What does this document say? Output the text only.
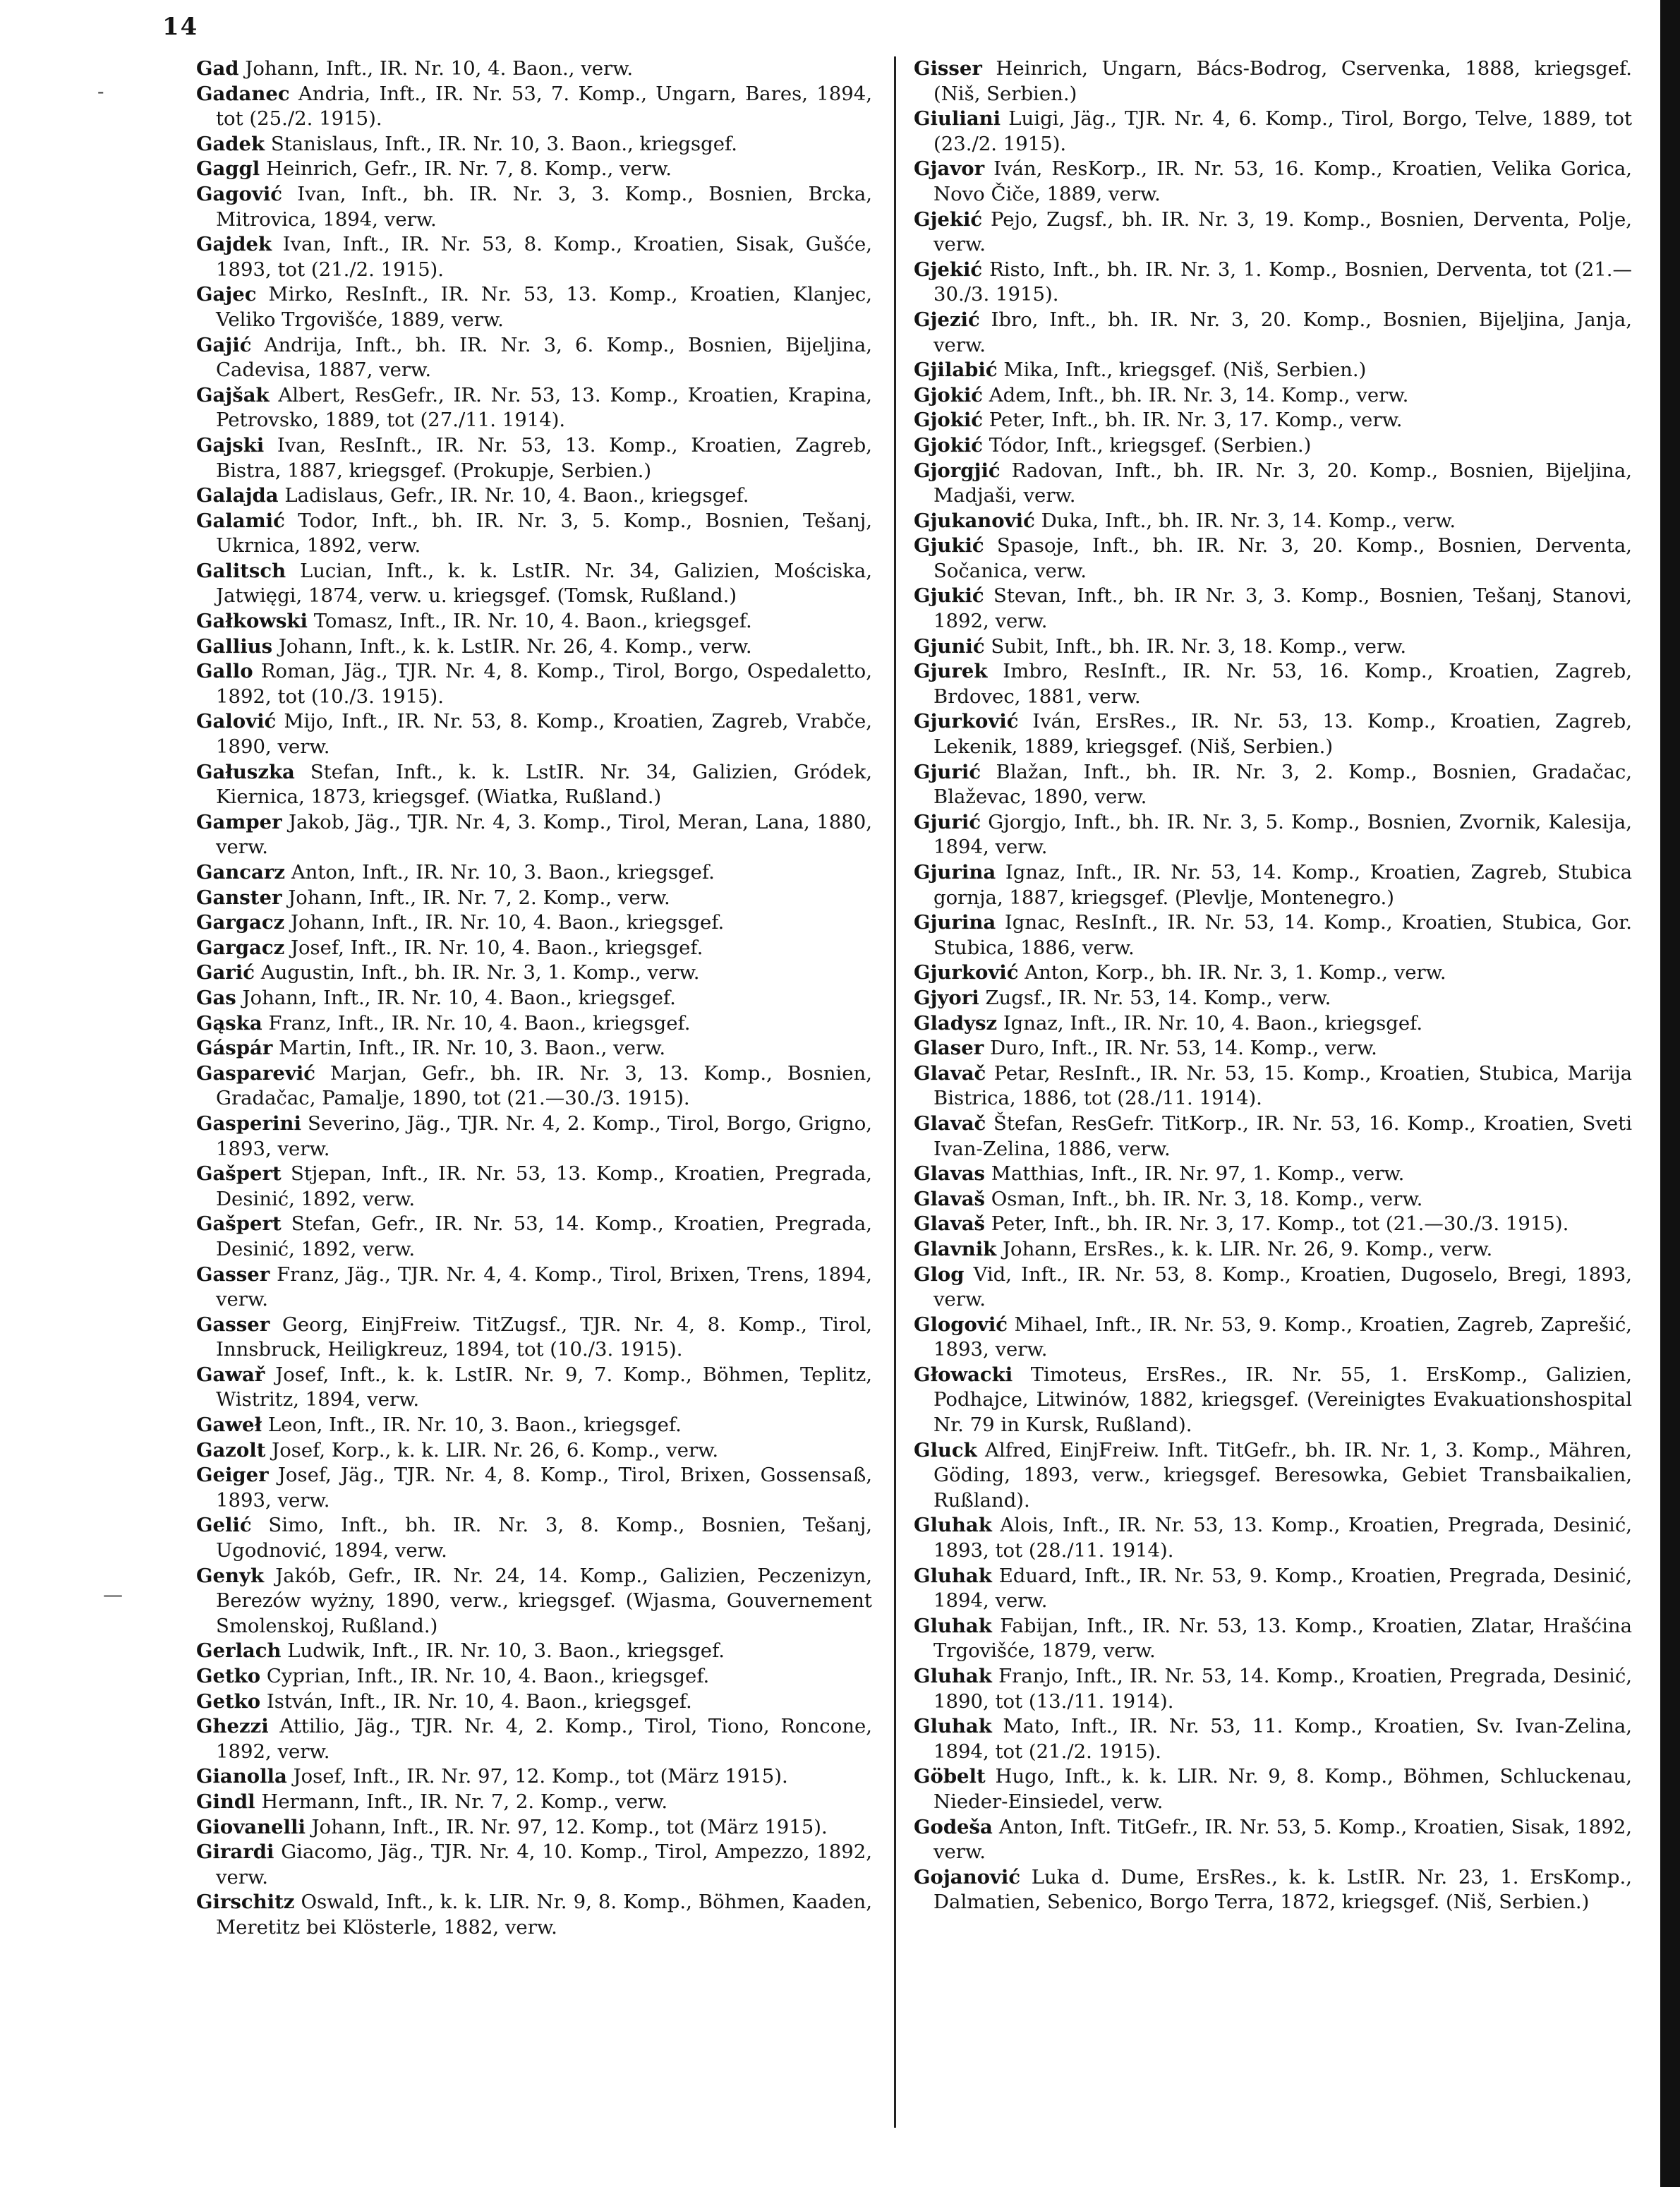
14
-
—

Gad Johann, Inft., IR. Nr. 10, 4. Baon., verw.

Gadanec Andria, Inft., IR. Nr. 53, 7. Komp., Ungarn, Bares, 1894, tot (25./2. 1915).

Gadek Stanislaus, Inft., IR. Nr. 10, 3. Baon., kriegsgef.

Gaggl Heinrich, Gefr., IR. Nr. 7, 8. Komp., verw.

Gagović Ivan, Inft., bh. IR. Nr. 3, 3. Komp., Bosnien, Brcka, Mitrovica, 1894, verw.

Gajdek Ivan, Inft., IR. Nr. 53, 8. Komp., Kroatien, Sisak, Gušće, 1893, tot (21./2. 1915).

Gajec Mirko, ResInft., IR. Nr. 53, 13. Komp., Kroatien, Klanjec, Veliko Trgovišće, 1889, verw.

Gajić Andrija, Inft., bh. IR. Nr. 3, 6. Komp., Bosnien, Bijeljina, Cadevisa, 1887, verw.

Gajšak Albert, ResGefr., IR. Nr. 53, 13. Komp., Kroatien, Krapina, Petrovsko, 1889, tot (27./11. 1914).

Gajski Ivan, ResInft., IR. Nr. 53, 13. Komp., Kroatien, Zagreb, Bistra, 1887, kriegsgef. (Prokupje, Serbien.)

Galajda Ladislaus, Gefr., IR. Nr. 10, 4. Baon., kriegsgef.

Galamić Todor, Inft., bh. IR. Nr. 3, 5. Komp., Bosnien, Tešanj, Ukrnica, 1892, verw.

Galitsch Lucian, Inft., k. k. LstIR. Nr. 34, Galizien, Mościska, Jatwięgi, 1874, verw. u. kriegsgef. (Tomsk, Rußland.)

Gałkowski Tomasz, Inft., IR. Nr. 10, 4. Baon., kriegsgef.

Gallius Johann, Inft., k. k. LstIR. Nr. 26, 4. Komp., verw.

Gallo Roman, Jäg., TJR. Nr. 4, 8. Komp., Tirol, Borgo, Ospedaletto, 1892, tot (10./3. 1915).

Galović Mijo, Inft., IR. Nr. 53, 8. Komp., Kroatien, Zagreb, Vrabče, 1890, verw.

Gałuszka Stefan, Inft., k. k. LstIR. Nr. 34, Galizien, Gródek, Kiernica, 1873, kriegsgef. (Wiatka, Rußland.)

Gamper Jakob, Jäg., TJR. Nr. 4, 3. Komp., Tirol, Meran, Lana, 1880, verw.

Gancarz Anton, Inft., IR. Nr. 10, 3. Baon., kriegsgef.

Ganster Johann, Inft., IR. Nr. 7, 2. Komp., verw.

Gargacz Johann, Inft., IR. Nr. 10, 4. Baon., kriegsgef.

Gargacz Josef, Inft., IR. Nr. 10, 4. Baon., kriegsgef.

Garić Augustin, Inft., bh. IR. Nr. 3, 1. Komp., verw.

Gas Johann, Inft., IR. Nr. 10, 4. Baon., kriegsgef.

Gąska Franz, Inft., IR. Nr. 10, 4. Baon., kriegsgef.

Gáspár Martin, Inft., IR. Nr. 10, 3. Baon., verw.

Gasparević Marjan, Gefr., bh. IR. Nr. 3, 13. Komp., Bosnien, Gradačac, Pamalje, 1890, tot (21.—30./3. 1915).

Gasperini Severino, Jäg., TJR. Nr. 4, 2. Komp., Tirol, Borgo, Grigno, 1893, verw.

Gašpert Stjepan, Inft., IR. Nr. 53, 13. Komp., Kroatien, Pregrada, Desinić, 1892, verw.

Gašpert Stefan, Gefr., IR. Nr. 53, 14. Komp., Kroatien, Pregrada, Desinić, 1892, verw.

Gasser Franz, Jäg., TJR. Nr. 4, 4. Komp., Tirol, Brixen, Trens, 1894, verw.

Gasser Georg, EinjFreiw. TitZugsf., TJR. Nr. 4, 8. Komp., Tirol, Innsbruck, Heiligkreuz, 1894, tot (10./3. 1915).

Gawař Josef, Inft., k. k. LstIR. Nr. 9, 7. Komp., Böhmen, Teplitz, Wistritz, 1894, verw.

Gaweł Leon, Inft., IR. Nr. 10, 3. Baon., kriegsgef.

Gazolt Josef, Korp., k. k. LIR. Nr. 26, 6. Komp., verw.

Geiger Josef, Jäg., TJR. Nr. 4, 8. Komp., Tirol, Brixen, Gossensaß, 1893, verw.

Gelić Simo, Inft., bh. IR. Nr. 3, 8. Komp., Bosnien, Tešanj, Ugodnović, 1894, verw.

Genyk Jakób, Gefr., IR. Nr. 24, 14. Komp., Galizien, Peczenizyn, Berezów wyżny, 1890, verw., kriegsgef. (Wjasma, Gouvernement Smolenskoj, Rußland.)

Gerlach Ludwik, Inft., IR. Nr. 10, 3. Baon., kriegsgef.

Getko Cyprian, Inft., IR. Nr. 10, 4. Baon., kriegsgef.

Getko István, Inft., IR. Nr. 10, 4. Baon., kriegsgef.

Ghezzi Attilio, Jäg., TJR. Nr. 4, 2. Komp., Tirol, Tiono, Roncone, 1892, verw.

Gianolla Josef, Inft., IR. Nr. 97, 12. Komp., tot (März 1915).

Gindl Hermann, Inft., IR. Nr. 7, 2. Komp., verw.

Giovanelli Johann, Inft., IR. Nr. 97, 12. Komp., tot (März 1915).

Girardi Giacomo, Jäg., TJR. Nr. 4, 10. Komp., Tirol, Ampezzo, 1892, verw.

Girschitz Oswald, Inft., k. k. LIR. Nr. 9, 8. Komp., Böhmen, Kaaden, Meretitz bei Klösterle, 1882, verw.

Gisser Heinrich, Ungarn, Bács-Bodrog, Cservenka, 1888, kriegsgef. (Niš, Serbien.)

Giuliani Luigi, Jäg., TJR. Nr. 4, 6. Komp., Tirol, Borgo, Telve, 1889, tot (23./2. 1915).

Gjavor Iván, ResKorp., IR. Nr. 53, 16. Komp., Kroatien, Velika Gorica, Novo Čiče, 1889, verw.

Gjekić Pejo, Zugsf., bh. IR. Nr. 3, 19. Komp., Bosnien, Derventa, Polje, verw.

Gjekić Risto, Inft., bh. IR. Nr. 3, 1. Komp., Bosnien, Derventa, tot (21.—30./3. 1915).

Gjezić Ibro, Inft., bh. IR. Nr. 3, 20. Komp., Bosnien, Bijeljina, Janja, verw.

Gjilabić Mika, Inft., kriegsgef. (Niš, Serbien.)

Gjokić Adem, Inft., bh. IR. Nr. 3, 14. Komp., verw.

Gjokić Peter, Inft., bh. IR. Nr. 3, 17. Komp., verw.

Gjokić Tódor, Inft., kriegsgef. (Serbien.)

Gjorgjić Radovan, Inft., bh. IR. Nr. 3, 20. Komp., Bosnien, Bijeljina, Madjaši, verw.

Gjukanović Duka, Inft., bh. IR. Nr. 3, 14. Komp., verw.

Gjukić Spasoje, Inft., bh. IR. Nr. 3, 20. Komp., Bosnien, Derventa, Sočanica, verw.

Gjukić Stevan, Inft., bh. IR Nr. 3, 3. Komp., Bosnien, Tešanj, Stanovi, 1892, verw.

Gjunić Subit, Inft., bh. IR. Nr. 3, 18. Komp., verw.

Gjurek Imbro, ResInft., IR. Nr. 53, 16. Komp., Kroatien, Zagreb, Brdovec, 1881, verw.

Gjurković Iván, ErsRes., IR. Nr. 53, 13. Komp., Kroatien, Zagreb, Lekenik, 1889, kriegsgef. (Niš, Serbien.)

Gjurić Blažan, Inft., bh. IR. Nr. 3, 2. Komp., Bosnien, Gradačac, Blaževac, 1890, verw.

Gjurić Gjorgjo, Inft., bh. IR. Nr. 3, 5. Komp., Bosnien, Zvornik, Kalesija, 1894, verw.

Gjurina Ignaz, Inft., IR. Nr. 53, 14. Komp., Kroatien, Zagreb, Stubica gornja, 1887, kriegsgef. (Plevlje, Montenegro.)

Gjurina Ignac, ResInft., IR. Nr. 53, 14. Komp., Kroatien, Stubica, Gor. Stubica, 1886, verw.

Gjurković Anton, Korp., bh. IR. Nr. 3, 1. Komp., verw.

Gjyori Zugsf., IR. Nr. 53, 14. Komp., verw.

Gladysz Ignaz, Inft., IR. Nr. 10, 4. Baon., kriegsgef.

Glaser Duro, Inft., IR. Nr. 53, 14. Komp., verw.

Glavač Petar, ResInft., IR. Nr. 53, 15. Komp., Kroatien, Stubica, Marija Bistrica, 1886, tot (28./11. 1914).

Glavač Štefan, ResGefr. TitKorp., IR. Nr. 53, 16. Komp., Kroatien, Sveti Ivan-Zelina, 1886, verw.

Glavas Matthias, Inft., IR. Nr. 97, 1. Komp., verw.

Glavaš Osman, Inft., bh. IR. Nr. 3, 18. Komp., verw.

Glavaš Peter, Inft., bh. IR. Nr. 3, 17. Komp., tot (21.—30./3. 1915).

Glavnik Johann, ErsRes., k. k. LIR. Nr. 26, 9. Komp., verw.

Glog Vid, Inft., IR. Nr. 53, 8. Komp., Kroatien, Dugoselo, Bregi, 1893, verw.

Glogović Mihael, Inft., IR. Nr. 53, 9. Komp., Kroatien, Zagreb, Zaprešić, 1893, verw.

Głowacki Timoteus, ErsRes., IR. Nr. 55, 1. ErsKomp., Galizien, Podhajce, Litwinów, 1882, kriegsgef. (Vereinigtes Evakuationshospital Nr. 79 in Kursk, Rußland).

Gluck Alfred, EinjFreiw. Inft. TitGefr., bh. IR. Nr. 1, 3. Komp., Mähren, Göding, 1893, verw., kriegsgef. Beresowka, Gebiet Transbaikalien, Rußland).

Gluhak Alois, Inft., IR. Nr. 53, 13. Komp., Kroatien, Pregrada, Desinić, 1893, tot (28./11. 1914).

Gluhak Eduard, Inft., IR. Nr. 53, 9. Komp., Kroatien, Pregrada, Desinić, 1894, verw.

Gluhak Fabijan, Inft., IR. Nr. 53, 13. Komp., Kroatien, Zlatar, Hrašćina Trgovišće, 1879, verw.

Gluhak Franjo, Inft., IR. Nr. 53, 14. Komp., Kroatien, Pregrada, Desinić, 1890, tot (13./11. 1914).

Gluhak Mato, Inft., IR. Nr. 53, 11. Komp., Kroatien, Sv. Ivan-Zelina, 1894, tot (21./2. 1915).

Göbelt Hugo, Inft., k. k. LIR. Nr. 9, 8. Komp., Böhmen, Schluckenau, Nieder-Einsiedel, verw.

Godeša Anton, Inft. TitGefr., IR. Nr. 53, 5. Komp., Kroatien, Sisak, 1892, verw.

Gojanović Luka d. Dume, ErsRes., k. k. LstIR. Nr. 23, 1. ErsKomp., Dalmatien, Sebenico, Borgo Terra, 1872, kriegsgef. (Niš, Serbien.)
